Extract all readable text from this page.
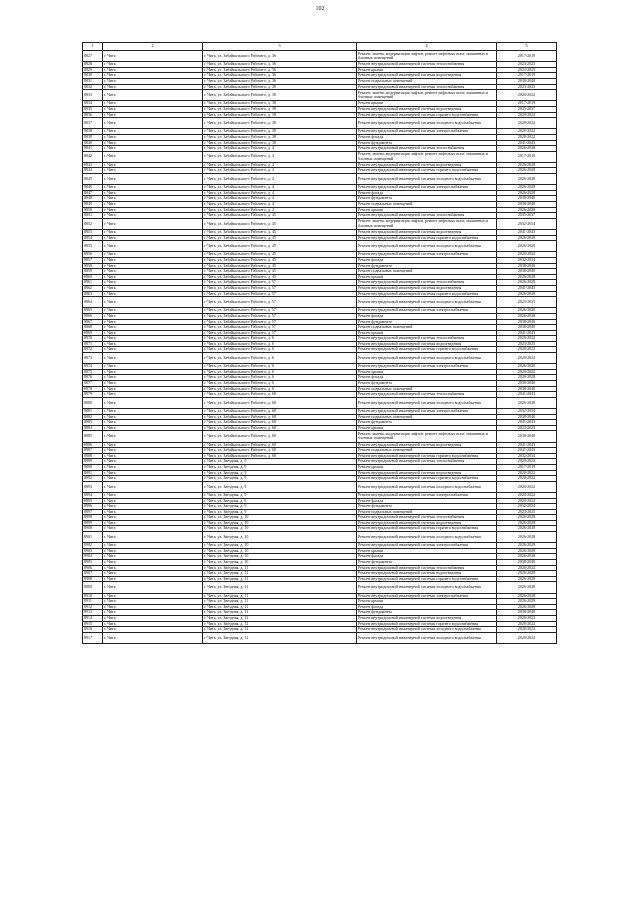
102
1	2	3	4	5
8827	г. Чита	г. Чита, ул. Забайкальского Рабочего, д. 36	Ремонт, замена, модернизация лифтов, ремонт лифтовых шахт, машинных и блочных помещений	2017-2019
8828	г. Чита	г. Чита, ул. Забайкальского Рабочего, д. 36	Ремонт внутридомовой инженерной системы теплоснабжения	2023-2025
8829	г. Чита	г. Чита, ул. Забайкальского Рабочего, д. 36	Ремонт крыши	2023-2025
8830	г. Чита	г. Чита, ул. Забайкальского Рабочего, д. 36	Ремонт внутридомовой инженерной системы водоотведения	2017-2019
8831	г. Чита	г. Чита, ул. Забайкальского Рабочего, д. 36	Ремонт подвальных помещений	2038-2040
8832	г. Чита	г. Чита, ул. Забайкальского Рабочего, д. 38	Ремонт внутридомовой инженерной системы теплоснабжения	2023-2025
8833	г. Чита	г. Чита, ул. Забайкальского Рабочего, д. 38	Ремонт, замена, модернизация лифтов, ремонт лифтовых шахт, машинных и блочных помещений	2020-2022
8834	г. Чита	г. Чита, ул. Забайкальского Рабочего, д. 38	Ремонт крыши	2017-2019
8835	г. Чита	г. Чита, ул. Забайкальского Рабочего, д. 38	Ремонт внутридомовой инженерной системы водоотведения	2035-2037
8836	г. Чита	г. Чита, ул. Забайкальского Рабочего, д. 38	Ремонт внутридомовой инженерной системы горячего водоснабжения	2020-2022
8837	г. Чита	г. Чита, ул. Забайкальского Рабочего, д. 38	Ремонт внутридомовой инженерной системы холодного водоснабжения	2020-2022
8838	г. Чита	г. Чита, ул. Забайкальского Рабочего, д. 38	Ремонт внутридомовой инженерной системы электроснабжения	2020-2022
8839	г. Чита	г. Чита, ул. Забайкальского Рабочего, д. 38	Ремонт фасада	2020-2022
8840	г. Чита	г. Чита, ул. Забайкальского Рабочего, д. 38	Ремонт фундамента	2041-2043
8841	г. Чита	г. Чита, ул. Забайкальского Рабочего, д. 4	Ремонт внутридомовой инженерной системы теплоснабжения	2026-2028
8842	г. Чита	г. Чита, ул. Забайкальского Рабочего, д. 4	Ремонт, замена, модернизация лифтов, ремонт лифтовых шахт, машинных и блочных помещений	2017-2019
8843	г. Чита	г. Чита, ул. Забайкальского Рабочего, д. 4	Ремонт внутридомовой инженерной системы водоотведения	2026-2028
8844	г. Чита	г. Чита, ул. Забайкальского Рабочего, д. 4	Ремонт внутридомовой инженерной системы горячего водоснабжения	2026-2028
8845	г. Чита	г. Чита, ул. Забайкальского Рабочего, д. 4	Ремонт внутридомовой инженерной системы холодного водоснабжения	2026-2028
8846	г. Чита	г. Чита, ул. Забайкальского Рабочего, д. 4	Ремонт внутридомовой инженерной системы электроснабжения	2026-2028
8847	г. Чита	г. Чита, ул. Забайкальского Рабочего, д. 4	Ремонт фасада	2026-2028
8848	г. Чита	г. Чита, ул. Забайкальского Рабочего, д. 4	Ремонт фундамента	2038-2040
8849	г. Чита	г. Чита, ул. Забайкальского Рабочего, д. 4	Ремонт подвальных помещений	2038-2040
8850	г. Чита	г. Чита, ул. Забайкальского Рабочего, д. 4	Ремонт крыши	2026-2028
8851	г. Чита	г. Чита, ул. Забайкальского Рабочего, д. 45	Ремонт внутридомовой инженерной системы теплоснабжения	2035-2037
8852	г. Чита	г. Чита, ул. Забайкальского Рабочего, д. 45	Ремонт, замена, модернизация лифтов, ремонт лифтовых шахт, машинных и блочных помещений	2032-2034
8853	г. Чита	г. Чита, ул. Забайкальского Рабочего, д. 45	Ремонт внутридомовой инженерной системы водоотведения	2041-2043
8854	г. Чита	г. Чита, ул. Забайкальского Рабочего, д. 45	Ремонт внутридомовой инженерной системы горячего водоснабжения	2026-2028
8855	г. Чита	г. Чита, ул. Забайкальского Рабочего, д. 45	Ремонт внутридомовой инженерной системы холодного водоснабжения	2026-2028
8856	г. Чита	г. Чита, ул. Забайкальского Рабочего, д. 45	Ремонт внутридомовой инженерной системы электроснабжения	2020-2022
8857	г. Чита	г. Чита, ул. Забайкальского Рабочего, д. 45	Ремонт фасада	2032-2034
8858	г. Чита	г. Чита, ул. Забайкальского Рабочего, д. 45	Ремонт фундамента	2038-2040
8859	г. Чита	г. Чита, ул. Забайкальского Рабочего, д. 45	Ремонт подвальных помещений	2038-2040
8860	г. Чита	г. Чита, ул. Забайкальского Рабочего, д. 45	Ремонт крыши	2026-2028
8861	г. Чита	г. Чита, ул. Забайкальского Рабочего, д. 57	Ремонт внутридомовой инженерной системы теплоснабжения	2026-2028
8862	г. Чита	г. Чита, ул. Забайкальского Рабочего, д. 57	Ремонт внутридомовой инженерной системы водоотведения	2041-2043
8863	г. Чита	г. Чита, ул. Забайкальского Рабочего, д. 57	Ремонт внутридомовой инженерной системы горячего водоснабжения	2026-2028
8864	г. Чита	г. Чита, ул. Забайкальского Рабочего, д. 57	Ремонт внутридомовой инженерной системы холодного водоснабжения	2023-2025
8865	г. Чита	г. Чита, ул. Забайкальского Рабочего, д. 57	Ремонт внутридомовой инженерной системы электроснабжения	2026-2028
8866	г. Чита	г. Чита, ул. Забайкальского Рабочего, д. 57	Ремонт фасада	2026-2028
8867	г. Чита	г. Чита, ул. Забайкальского Рабочего, д. 57	Ремонт фундамента	2038-2040
8868	г. Чита	г. Чита, ул. Забайкальского Рабочего, д. 57	Ремонт подвальных помещений	2038-2040
8869	г. Чита	г. Чита, ул. Забайкальского Рабочего, д. 57	Ремонт крыши	2041-2043
8870	г. Чита	г. Чита, ул. Забайкальского Рабочего, д. 6	Ремонт внутридомовой инженерной системы теплоснабжения	2020-2022
8871	г. Чита	г. Чита, ул. Забайкальского Рабочего, д. 6	Ремонт внутридомовой инженерной системы водоотведения	2023-2025
8872	г. Чита	г. Чита, ул. Забайкальского Рабочего, д. 6	Ремонт внутридомовой инженерной системы горячего водоснабжения	2020-2022
8873	г. Чита	г. Чита, ул. Забайкальского Рабочего, д. 6	Ремонт внутридомовой инженерной системы холодного водоснабжения	2020-2022
8874	г. Чита	г. Чита, ул. Забайкальского Рабочего, д. 6	Ремонт внутридомовой инженерной системы электроснабжения	2026-2028
8875	г. Чита	г. Чита, ул. Забайкальского Рабочего, д. 6	Ремонт крыши	2020-2022
8876	г. Чита	г. Чита, ул. Забайкальского Рабочего, д. 6	Ремонт фасада	2026-2028
8877	г. Чита	г. Чита, ул. Забайкальского Рабочего, д. 6	Ремонт фундамента	2038-2040
8878	г. Чита	г. Чита, ул. Забайкальского Рабочего, д. 6	Ремонт подвальных помещений	2038-2040
8879	г. Чита	г. Чита, ул. Забайкальского Рабочего, д. 68	Ремонт внутридомовой инженерной системы теплоснабжения	2041-2043
8880	г. Чита	г. Чита, ул. Забайкальского Рабочего, д. 68	Ремонт внутридомовой инженерной системы холодного водоснабжения	2026-2028
8881	г. Чита	г. Чита, ул. Забайкальского Рабочего, д. 68	Ремонт внутридомовой инженерной системы электроснабжения	2032-2034
8882	г. Чита	г. Чита, ул. Забайкальского Рабочего, д. 68	Ремонт подвальных помещений	2038-2040
8883	г. Чита	г. Чита, ул. Забайкальского Рабочего, д. 68	Ремонт фундамента	2041-2043
8884	г. Чита	г. Чита, ул. Забайкальского Рабочего, д. 68	Ремонт крыши	2023-2025
8885	г. Чита	г. Чита, ул. Забайкальского Рабочего, д. 68	Ремонт, замена, модернизация лифтов, ремонт лифтовых шахт, машинных и блочных помещений	2038-2040
8886	г. Чита	г. Чита, ул. Забайкальского Рабочего, д. 68	Ремонт внутридомовой инженерной системы водоотведения	2041-2043
8887	г. Чита	г. Чита, ул. Забайкальского Рабочего, д. 68	Ремонт подвальных помещений	2041-2043
8888	г. Чита	г. Чита, ул. Забайкальского Рабочего, д. 68	Ремонт внутридомовой инженерной системы горячего водоснабжения	2032-2034
8889	г. Чита	г. Чита, ул. Звездная, д. 9	Ремонт внутридомовой инженерной системы теплоснабжения	2020-2022
8890	г. Чита	г. Чита, ул. Звездная, д. 9	Ремонт крыши	2017-2019
8891	г. Чита	г. Чита, ул. Звездная, д. 9	Ремонт внутридомовой инженерной системы водоотведения	2020-2022
8892	г. Чита	г. Чита, ул. Звездная, д. 9	Ремонт внутридомовой инженерной системы горячего водоснабжения	2020-2022
8893	г. Чита	г. Чита, ул. Звездная, д. 9	Ремонт внутридомовой инженерной системы холодного водоснабжения	2020-2022
8894	г. Чита	г. Чита, ул. Звездная, д. 9	Ремонт внутридомовой инженерной системы электроснабжения	2020-2022
8895	г. Чита	г. Чита, ул. Звездная, д. 9	Ремонт фасада	2020-2022
8896	г. Чита	г. Чита, ул. Звездная, д. 9	Ремонт фундамента	2032-2034
8897	г. Чита	г. Чита, ул. Звездная, д. 9	Ремонт подвальных помещений	2023-2025
8898	г. Чита	г. Чита, ул. Звездная, д. 10	Ремонт внутридомовой инженерной системы теплоснабжения	2026-2028
8899	г. Чита	г. Чита, ул. Звездная, д. 10	Ремонт внутридомовой инженерной системы водоотведения	2026-2028
8900	г. Чита	г. Чита, ул. Звездная, д. 10	Ремонт внутридомовой инженерной системы горячего водоснабжения	2026-2028
8901	г. Чита	г. Чита, ул. Звездная, д. 10	Ремонт внутридомовой инженерной системы холодного водоснабжения	2026-2028
8902	г. Чита	г. Чита, ул. Звездная, д. 10	Ремонт внутридомовой инженерной системы электроснабжения	2026-2028
8903	г. Чита	г. Чита, ул. Звездная, д. 10	Ремонт крыши	2026-2028
8904	г. Чита	г. Чита, ул. Звездная, д. 10	Ремонт фасада	2026-2028
8905	г. Чита	г. Чита, ул. Звездная, д. 10	Ремонт фундамента	2038-2040
8906	г. Чита	г. Чита, ул. Звездная, д. 11	Ремонт внутридомовой инженерной системы теплоснабжения	2020-2022
8907	г. Чита	г. Чита, ул. Звездная, д. 11	Ремонт внутридомовой инженерной системы водоотведения	2026-2028
8908	г. Чита	г. Чита, ул. Звездная, д. 11	Ремонт внутридомовой инженерной системы горячего водоснабжения	2026-2028
8909	г. Чита	г. Чита, ул. Звездная, д. 11	Ремонт внутридомовой инженерной системы холодного водоснабжения	2026-2028
8910	г. Чита	г. Чита, ул. Звездная, д. 11	Ремонт внутридомовой инженерной системы электроснабжения	2026-2028
8911	г. Чита	г. Чита, ул. Звездная, д. 11	Ремонт крыши	2026-2028
8912	г. Чита	г. Чита, ул. Звездная, д. 11	Ремонт фасада	2026-2028
8913	г. Чита	г. Чита, ул. Звездная, д. 11	Ремонт фундамента	2038-2040
8914	г. Чита	г. Чита, ул. Звездная, д. 12	Ремонт внутридомовой инженерной системы водоотведения	2020-2022
8915	г. Чита	г. Чита, ул. Звездная, д. 12	Ремонт внутридомовой инженерной системы горячего водоснабжения	2020-2022
8916	г. Чита	г. Чита, ул. Звездная, д. 12	Ремонт внутридомовой инженерной системы холодного водоснабжения	2020-2022
8917	г. Чита	г. Чита, ул. Звездная, д. 12	Ремонт внутридомовой инженерной системы холодного водоснабжения	2020-2022
